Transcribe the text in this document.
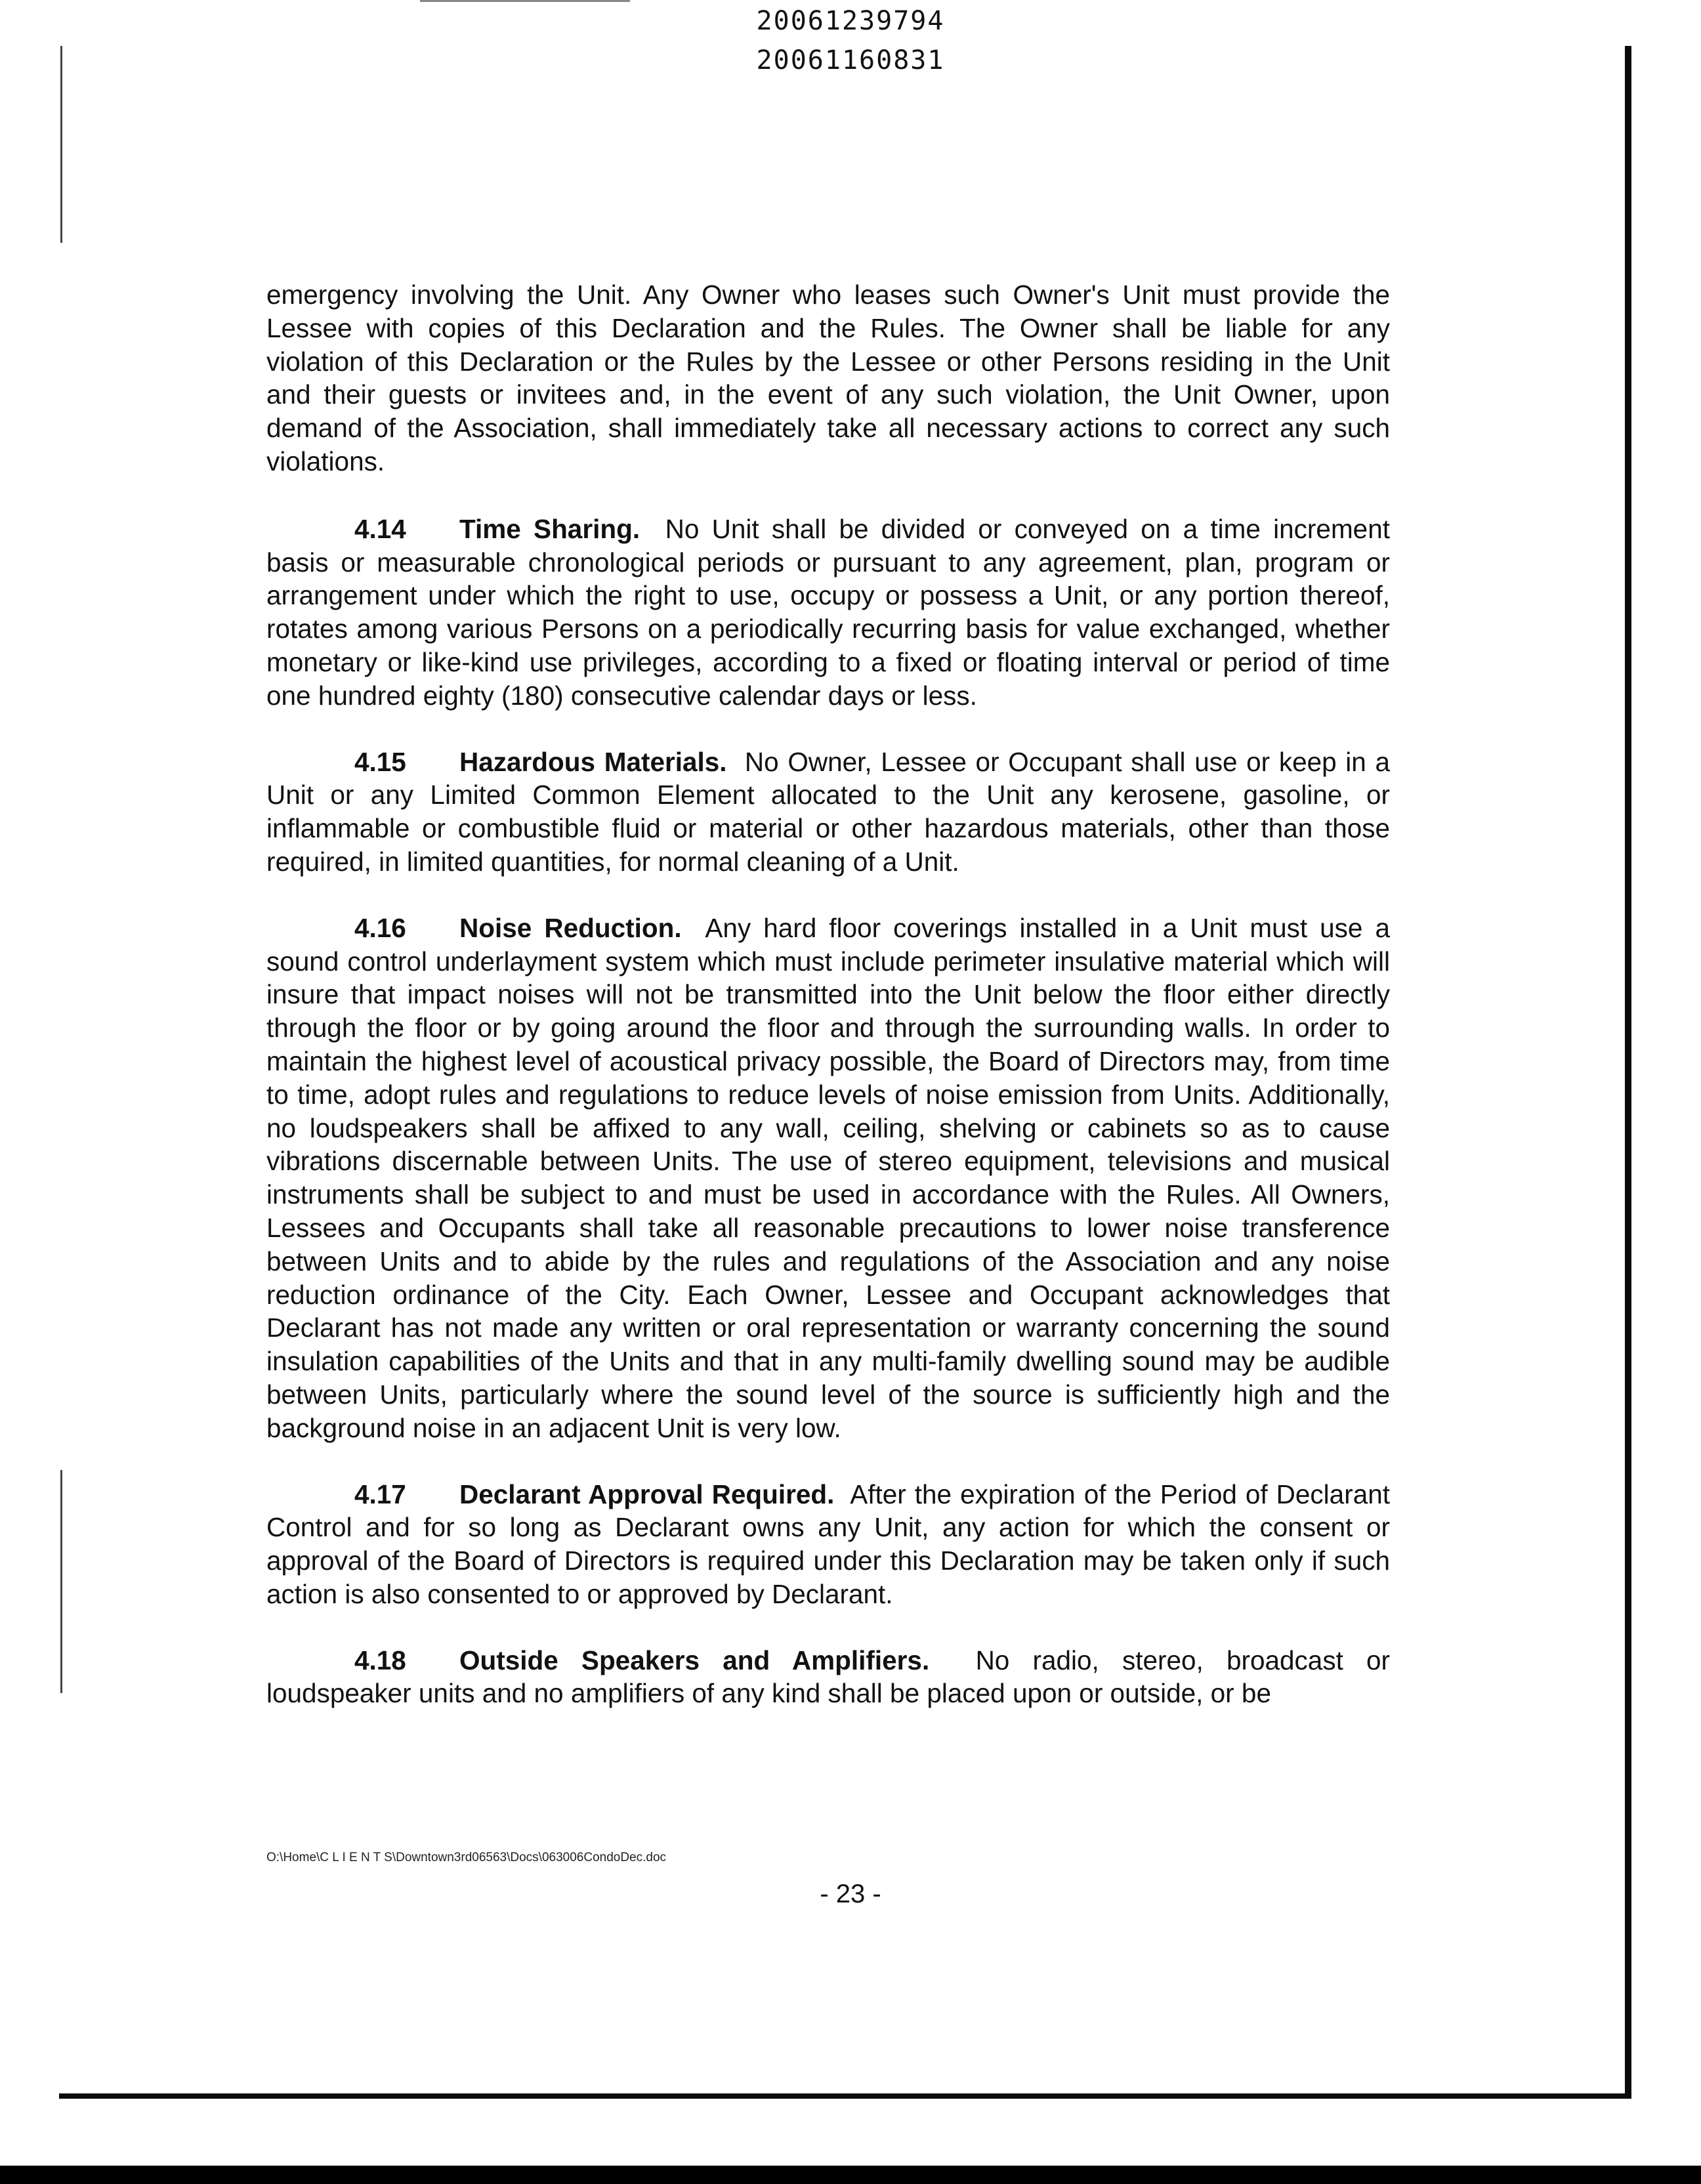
20061239794
20061160831

emergency involving the Unit. Any Owner who leases such Owner's Unit must provide the Lessee with copies of this Declaration and the Rules. The Owner shall be liable for any violation of this Declaration or the Rules by the Lessee or other Persons residing in the Unit and their guests or invitees and, in the event of any such violation, the Unit Owner, upon demand of the Association, shall immediately take all necessary actions to correct any such violations.

4.14 Time Sharing. No Unit shall be divided or conveyed on a time increment basis or measurable chronological periods or pursuant to any agreement, plan, program or arrangement under which the right to use, occupy or possess a Unit, or any portion thereof, rotates among various Persons on a periodically recurring basis for value exchanged, whether monetary or like-kind use privileges, according to a fixed or floating interval or period of time one hundred eighty (180) consecutive calendar days or less.

4.15 Hazardous Materials. No Owner, Lessee or Occupant shall use or keep in a Unit or any Limited Common Element allocated to the Unit any kerosene, gasoline, or inflammable or combustible fluid or material or other hazardous materials, other than those required, in limited quantities, for normal cleaning of a Unit.

4.16 Noise Reduction. Any hard floor coverings installed in a Unit must use a sound control underlayment system which must include perimeter insulative material which will insure that impact noises will not be transmitted into the Unit below the floor either directly through the floor or by going around the floor and through the surrounding walls. In order to maintain the highest level of acoustical privacy possible, the Board of Directors may, from time to time, adopt rules and regulations to reduce levels of noise emission from Units. Additionally, no loudspeakers shall be affixed to any wall, ceiling, shelving or cabinets so as to cause vibrations discernable between Units. The use of stereo equipment, televisions and musical instruments shall be subject to and must be used in accordance with the Rules. All Owners, Lessees and Occupants shall take all reasonable precautions to lower noise transference between Units and to abide by the rules and regulations of the Association and any noise reduction ordinance of the City. Each Owner, Lessee and Occupant acknowledges that Declarant has not made any written or oral representation or warranty concerning the sound insulation capabilities of the Units and that in any multi-family dwelling sound may be audible between Units, particularly where the sound level of the source is sufficiently high and the background noise in an adjacent Unit is very low.

4.17 Declarant Approval Required. After the expiration of the Period of Declarant Control and for so long as Declarant owns any Unit, any action for which the consent or approval of the Board of Directors is required under this Declaration may be taken only if such action is also consented to or approved by Declarant.

4.18 Outside Speakers and Amplifiers. No radio, stereo, broadcast or loudspeaker units and no amplifiers of any kind shall be placed upon or outside, or be

O:\Home\C L I E N T S\Downtown3rd06563\Docs\063006CondoDec.doc
- 23 -
